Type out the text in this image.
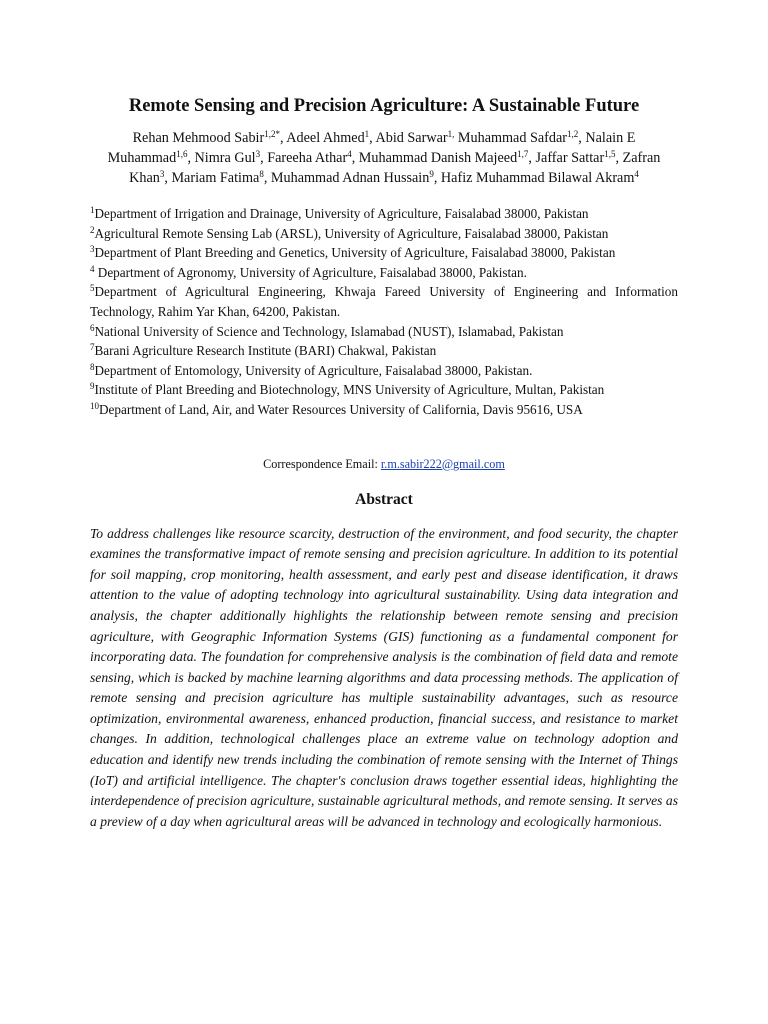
Remote Sensing and Precision Agriculture: A Sustainable Future

Rehan Mehmood Sabir$^{1,2*}$, Adeel Ahmed$^1$, Abid Sarwar$^{1,}$ Muhammad Safdar$^{1,2}$, Nalain E Muhammad$^{1,6}$, Nimra Gul$^3$, Fareeha Athar$^4$, Muhammad Danish Majeed$^{1,7}$, Jaffar Sattar$^{1,5}$, Zafran Khan$^3$, Mariam Fatima$^8$, Muhammad Adnan Hussain$^9$, Hafiz Muhammad Bilawal Akram$^4$

$^1$Department of Irrigation and Drainage, University of Agriculture, Faisalabad 38000, Pakistan

$^2$Agricultural Remote Sensing Lab (ARSL), University of Agriculture, Faisalabad 38000, Pakistan

$^3$Department of Plant Breeding and Genetics, University of Agriculture, Faisalabad 38000, Pakistan

$^4$ Department of Agronomy, University of Agriculture, Faisalabad 38000, Pakistan.

$^5$Department of Agricultural Engineering, Khwaja Fareed University of Engineering and Information Technology, Rahim Yar Khan, 64200, Pakistan.

$^6$National University of Science and Technology, Islamabad (NUST), Islamabad, Pakistan

$^7$Barani Agriculture Research Institute (BARI) Chakwal, Pakistan

$^8$Department of Entomology, University of Agriculture, Faisalabad 38000, Pakistan.

$^9$Institute of Plant Breeding and Biotechnology, MNS University of Agriculture, Multan, Pakistan

$^{10}$Department of Land, Air, and Water Resources University of California, Davis 95616, USA

Correspondence Email: r.m.sabir222@gmail.com
Abstract

To address challenges like resource scarcity, destruction of the environment, and food security, the chapter examines the transformative impact of remote sensing and precision agriculture. In addition to its potential for soil mapping, crop monitoring, health assessment, and early pest and disease identification, it draws attention to the value of adopting technology into agricultural sustainability. Using data integration and analysis, the chapter additionally highlights the relationship between remote sensing and precision agriculture, with Geographic Information Systems (GIS) functioning as a fundamental component for incorporating data. The foundation for comprehensive analysis is the combination of field data and remote sensing, which is backed by machine learning algorithms and data processing methods. The application of remote sensing and precision agriculture has multiple sustainability advantages, such as resource optimization, environmental awareness, enhanced production, financial success, and resistance to market changes. In addition, technological challenges place an extreme value on technology adoption and education and identify new trends including the combination of remote sensing with the Internet of Things (IoT) and artificial intelligence. The chapter's conclusion draws together essential ideas, highlighting the interdependence of precision agriculture, sustainable agricultural methods, and remote sensing. It serves as a preview of a day when agricultural areas will be advanced in technology and ecologically harmonious.
